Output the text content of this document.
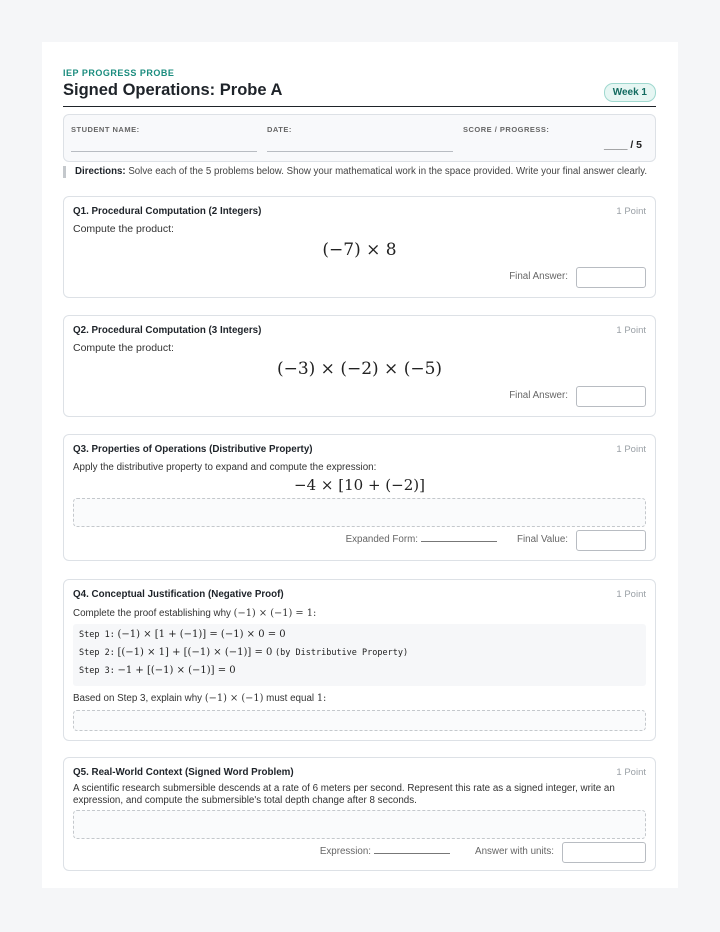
IEP PROGRESS PROBE
Signed Operations: Probe A	Week 1
STUDENT NAME:	DATE:	SCORE / PROGRESS:
____ / 5
Directions: Solve each of the 5 problems below. Show your mathematical work in the space provided. Write your final answer clearly.
Q1. Procedural Computation (2 Integers)	1 Point
Compute the product:
(−7) × 8
Final Answer:
Q2. Procedural Computation (3 Integers)	1 Point
Compute the product:
(−3) × (−2) × (−5)
Final Answer:
Q3. Properties of Operations (Distributive Property)	1 Point
Apply the distributive property to expand and compute the expression:
−4 × [10 + (−2)]
Expanded Form:	Final Value:
Q4. Conceptual Justification (Negative Proof)	1 Point
Complete the proof establishing why (−1) × (−1) = 1:
Step 1: (−1) × [1 + (−1)] = (−1) × 0 = 0
Step 2: [(−1) × 1] + [(−1) × (−1)] = 0 (by Distributive Property)
Step 3: −1 + [(−1) × (−1)] = 0
Based on Step 3, explain why (−1) × (−1) must equal 1:
Q5. Real-World Context (Signed Word Problem)	1 Point
A scientific research submersible descends at a rate of 6 meters per second. Represent this rate as a signed integer, write an expression, and compute the submersible's total depth change after 8 seconds.
Expression:	Answer with units:
